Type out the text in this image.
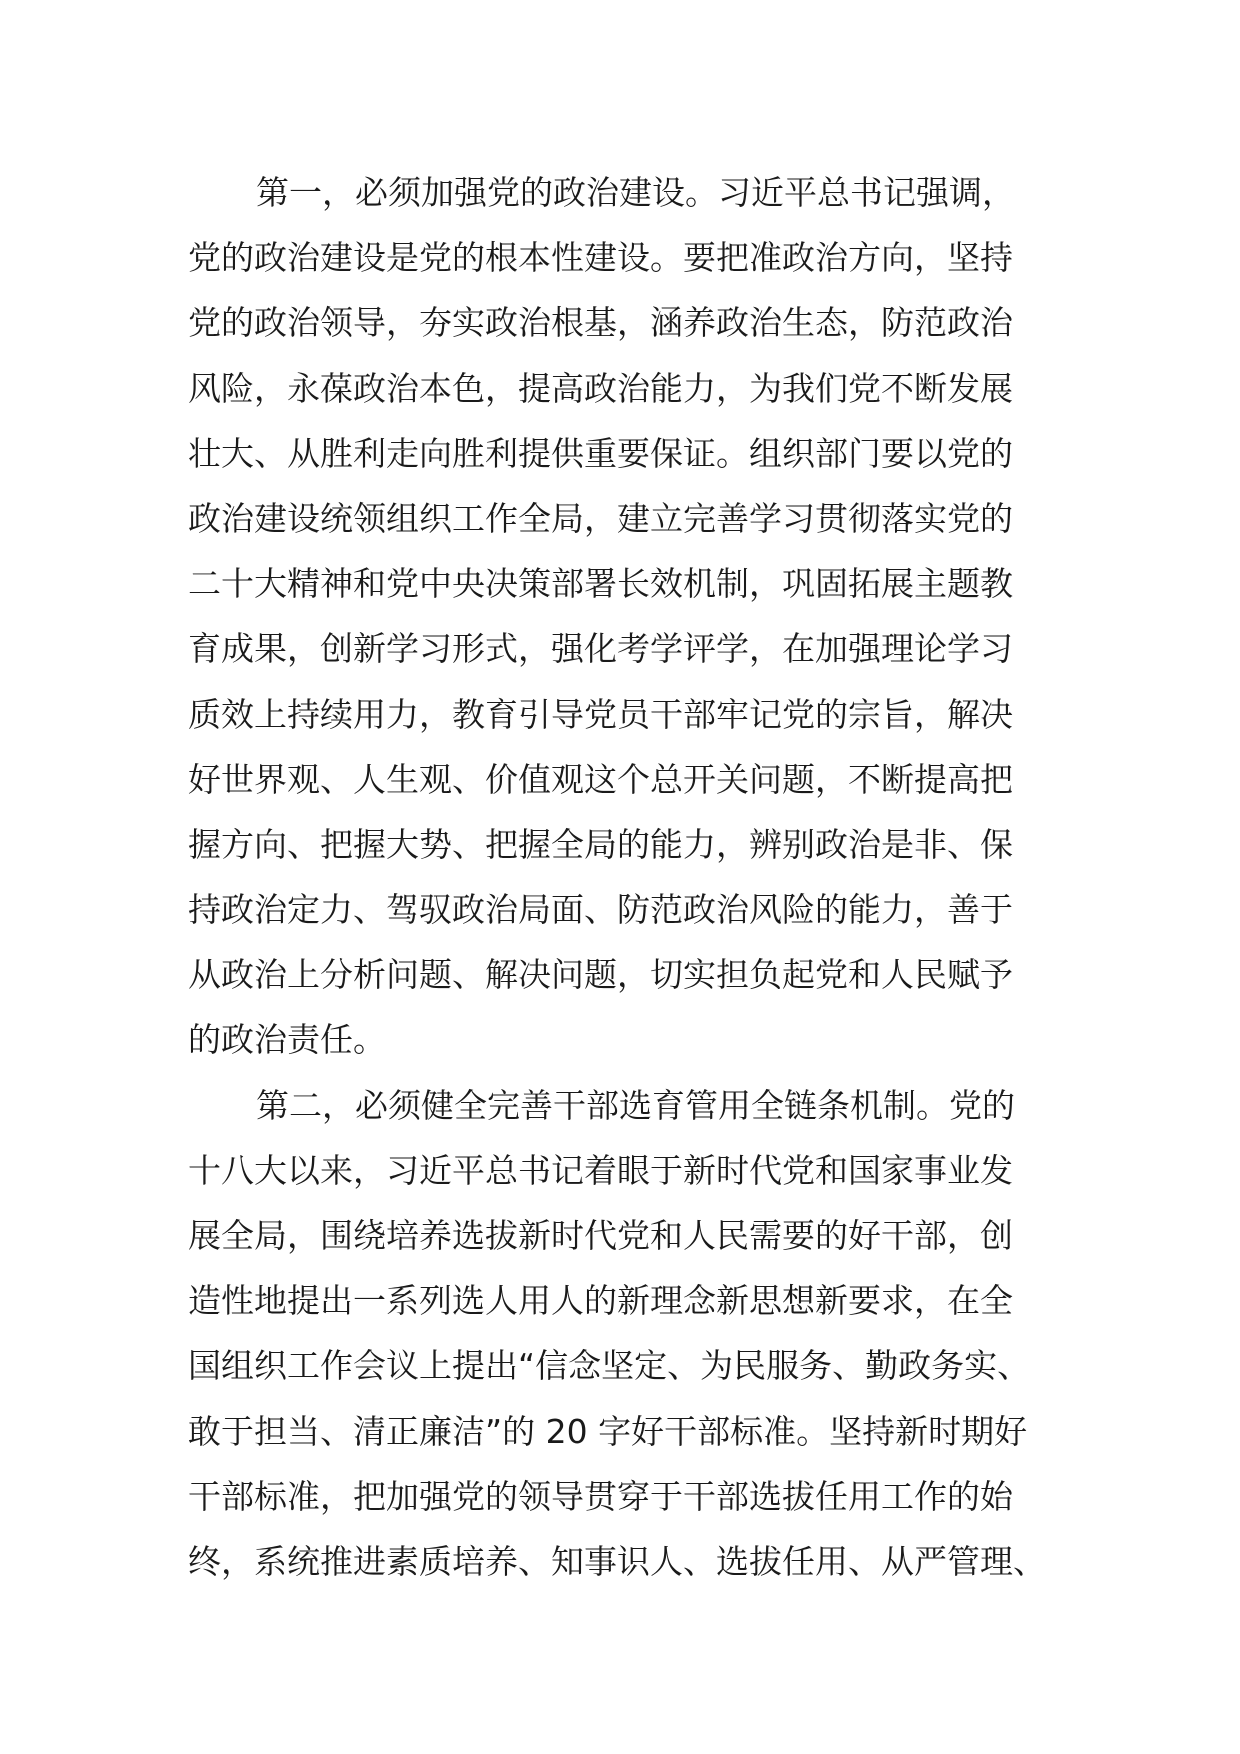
第一，必须加强党的政治建设。习近平总书记强调，
党的政治建设是党的根本性建设。要把准政治方向，坚持
党的政治领导，夯实政治根基，涵养政治生态，防范政治
风险，永葆政治本色，提高政治能力，为我们党不断发展
壮大、从胜利走向胜利提供重要保证。组织部门要以党的
政治建设统领组织工作全局，建立完善学习贯彻落实党的
二十大精神和党中央决策部署长效机制，巩固拓展主题教
育成果，创新学习形式，强化考学评学，在加强理论学习
质效上持续用力，教育引导党员干部牢记党的宗旨，解决
好世界观、人生观、价值观这个总开关问题，不断提高把
握方向、把握大势、把握全局的能力，辨别政治是非、保
持政治定力、驾驭政治局面、防范政治风险的能力，善于
从政治上分析问题、解决问题，切实担负起党和人民赋予
的政治责任。
第二，必须健全完善干部选育管用全链条机制。党的
十八大以来，习近平总书记着眼于新时代党和国家事业发
展全局，围绕培养选拔新时代党和人民需要的好干部，创
造性地提出一系列选人用人的新理念新思想新要求，在全
国组织工作会议上提出“信念坚定、为民服务、勤政务实、
敢于担当、清正廉洁”的 20 字好干部标准。坚持新时期好
干部标准，把加强党的领导贯穿于干部选拔任用工作的始
终，系统推进素质培养、知事识人、选拔任用、从严管理、
